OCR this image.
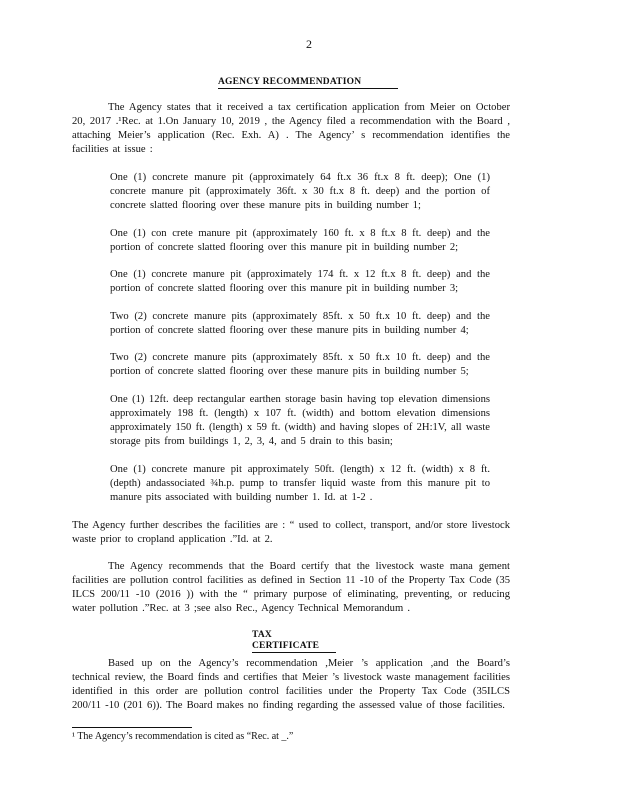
2
AGENCY RECOMMENDATION
The Agency states that it received a tax certification application from Meier on October 20, 2017 .¹Rec. at 1.On January 10, 2019 , the Agency filed a recommendation with the Board , attaching Meier’s application (Rec. Exh. A) . The Agency’ s recommendation identifies the facilities at issue :
One (1) concrete manure pit (approximately 64 ft.x 36 ft.x 8 ft. deep); One (1) concrete manure pit (approximately 36ft. x 30 ft.x 8 ft. deep) and the portion of concrete slatted flooring over these manure pits in building number 1;
One (1) con crete manure pit (approximately 160 ft. x 8 ft.x 8 ft. deep) and the portion of concrete slatted flooring over this manure pit in building number 2;
One (1) concrete manure pit (approximately 174 ft. x 12 ft.x 8 ft. deep) and the portion of concrete slatted flooring over this manure pit in building number 3;
Two (2) concrete manure pits (approximately 85ft. x 50 ft.x 10 ft. deep) and the portion of concrete slatted flooring over these manure pits in building number 4;
Two (2) concrete manure pits (approximately 85ft. x 50 ft.x 10 ft. deep) and the portion of concrete slatted flooring over these manure pits in building number 5;
One (1) 12ft. deep rectangular earthen storage basin having top elevation dimensions approximately 198 ft. (length) x 107 ft. (width) and bottom elevation dimensions approximately 150 ft. (length) x 59 ft. (width) and having slopes of 2H:1V, all waste storage pits from buildings 1, 2, 3, 4, and 5 drain to this basin;
One (1) concrete manure pit approximately 50ft. (length) x 12 ft. (width) x 8 ft. (depth) andassociated ¾h.p. pump to transfer liquid waste from this manure pit to manure pits associated with building number 1. Id. at 1-2 .
The Agency further describes the facilities are : “ used to collect, transport, and/or store livestock waste prior to cropland application .”Id. at 2.
The Agency recommends that the Board certify that the livestock waste mana gement facilities are pollution control facilities as defined in Section 11 -10 of the Property Tax Code (35 ILCS 200/11 -10 (2016 )) with the “ primary purpose of eliminating, preventing, or reducing water pollution .”Rec. at 3 ;see also Rec., Agency Technical Memorandum .
TAX CERTIFICATE
Based up on the Agency’s recommendation ,Meier ’s application ,and the Board’s technical review, the Board finds and certifies that Meier ’s livestock waste management facilities identified in this order are pollution control facilities under the Property Tax Code (35ILCS 200/11 -10 (201 6)). The Board makes no finding regarding the assessed value of those facilities.
¹ The Agency’s recommendation is cited as “Rec. at _.”
